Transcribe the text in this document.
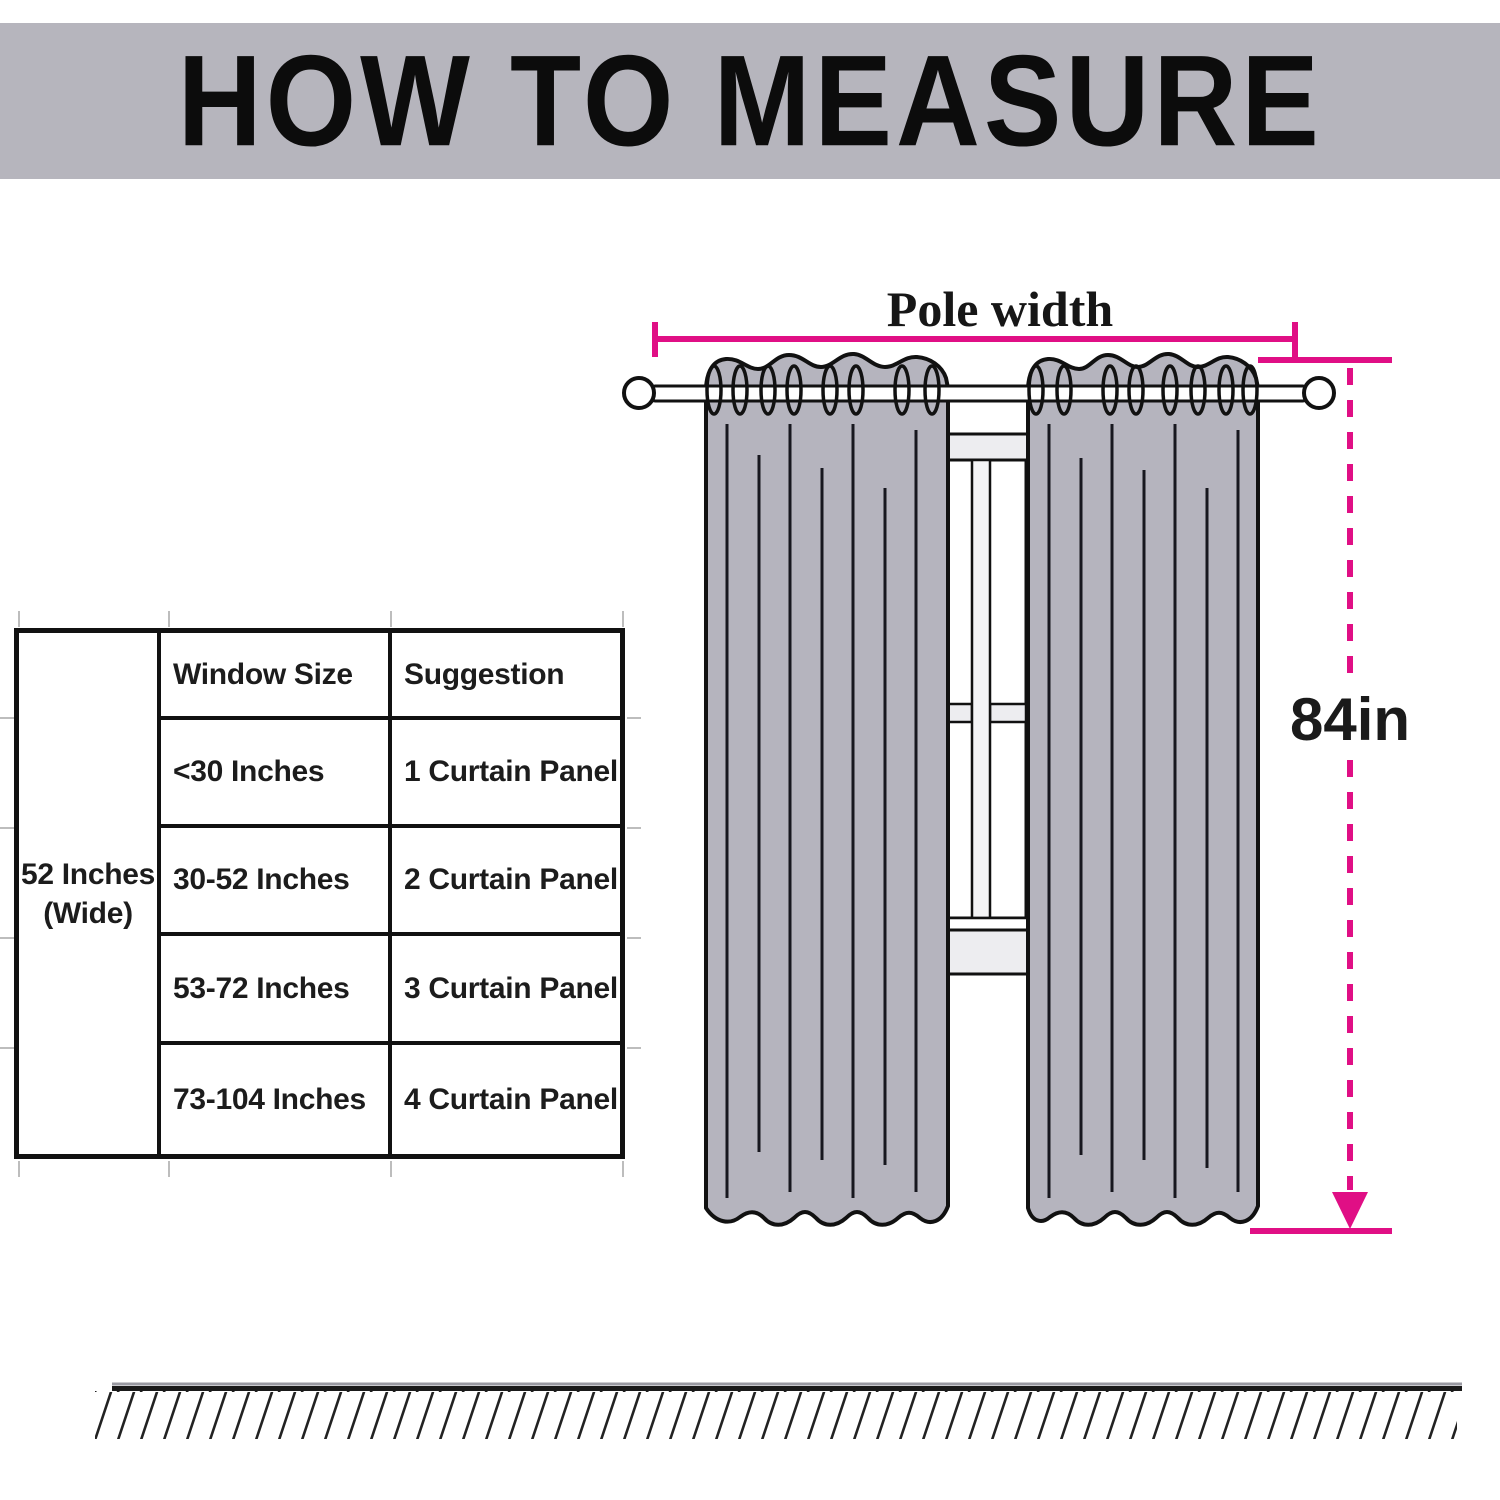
HOW TO MEASURE
52 Inches
(Wide)
Window Size	Suggestion
<30 Inches	1 Curtain Panel
30-52 Inches	2 Curtain Panel
53-72 Inches	3 Curtain Panel
73-104 Inches	4 Curtain Panel
Pole width
84in
